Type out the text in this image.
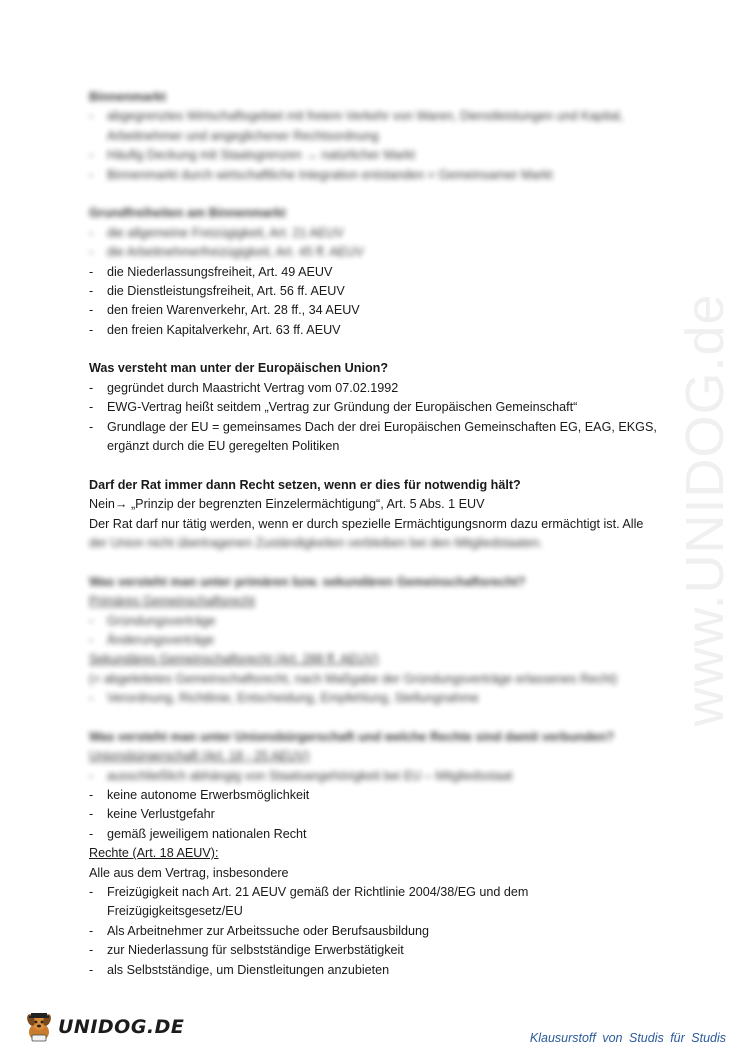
www.UNIDOG.de
Binnenmarkt
- abgegrenztes Wirtschaftsgebiet mit freiem Verkehr von Waren, Dienstleistungen und Kapital,
Arbeitnehmer und angeglichener Rechtsordnung
- Häufig Deckung mit Staatsgrenzen → natürlicher Markt
- Binnenmarkt durch wirtschaftliche Integration entstanden = Gemeinsamer Markt
Grundfreiheiten am Binnenmarkt
- die allgemeine Freizügigkeit, Art. 21 AEUV
- die Arbeitnehmerfreizügigkeit, Art. 45 ff. AEUV
- die Niederlassungsfreiheit, Art. 49 AEUV
- die Dienstleistungsfreiheit, Art. 56 ff. AEUV
- den freien Warenverkehr, Art. 28 ff., 34 AEUV
- den freien Kapitalverkehr, Art. 63 ff. AEUV
Was versteht man unter der Europäischen Union?
- gegründet durch Maastricht Vertrag vom 07.02.1992
- EWG-Vertrag heißt seitdem „Vertrag zur Gründung der Europäischen Gemeinschaft“
- Grundlage der EU = gemeinsames Dach der drei Europäischen Gemeinschaften EG, EAG, EKGS,
ergänzt durch die EU geregelten Politiken
Darf der Rat immer dann Recht setzen, wenn er dies für notwendig hält?
Nein→ „Prinzip der begrenzten Einzelermächtigung“, Art. 5 Abs. 1 EUV
Der Rat darf nur tätig werden, wenn er durch spezielle Ermächtigungsnorm dazu ermächtigt ist. Alle
der Union nicht übertragenen Zuständigkeiten verbleiben bei den Mitgliedstaaten.
Was versteht man unter primären bzw. sekundären Gemeinschaftsrecht?
Primäres Gemeinschaftsrecht
- Gründungsverträge
- Änderungsverträge
Sekundäres Gemeinschaftsrecht (Art. 288 ff. AEUV)
(= abgeleitetes Gemeinschaftsrecht, nach Maßgabe der Gründungsverträge erlassenes Recht)
- Verordnung, Richtlinie, Entscheidung, Empfehlung, Stellungnahme
Was versteht man unter Unionsbürgerschaft und welche Rechte sind damit verbunden?
Unionsbürgerschaft (Art. 18 - 25 AEUV)
- ausschließlich abhängig von Staatsangehörigkeit bei EU – Mitgliedsstaat
- keine autonome Erwerbsmöglichkeit
- keine Verlustgefahr
- gemäß jeweiligem nationalen Recht
Rechte (Art. 18 AEUV):
Alle aus dem Vertrag, insbesondere
- Freizügigkeit nach Art. 21 AEUV gemäß der Richtlinie 2004/38/EG und dem
Freizügigkeitsgesetz/EU
- Als Arbeitnehmer zur Arbeitssuche oder Berufsausbildung
- zur Niederlassung für selbstständige Erwerbstätigkeit
- als Selbstständige, um Dienstleitungen anzubieten
UNIDOG.DE	Klausurstoff von Studis für Studis
